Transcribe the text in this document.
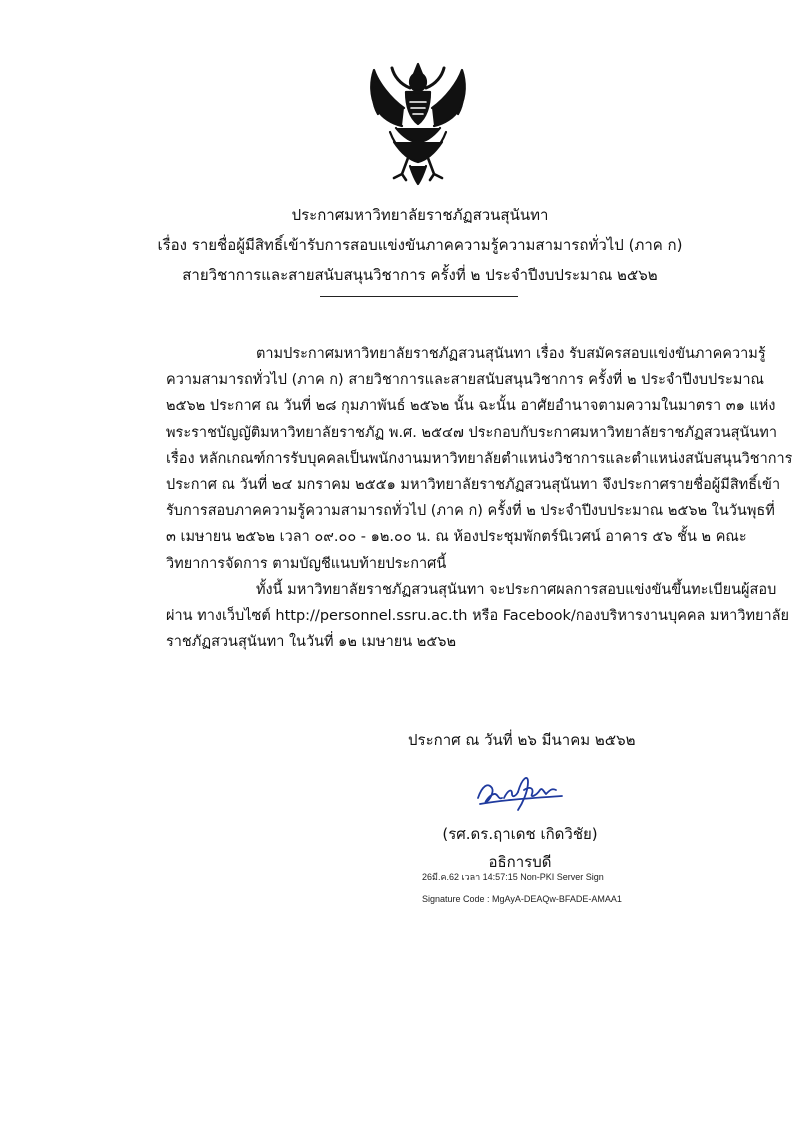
ประกาศมหาวิทยาลัยราชภัฏสวนสุนันทา
เรื่อง รายชื่อผู้มีสิทธิ์เข้ารับการสอบแข่งขันภาคความรู้ความสามารถทั่วไป (ภาค ก)
สายวิชาการและสายสนับสนุนวิชาการ ครั้งที่ ๒ ประจำปีงบประมาณ ๒๕๖๒
ตามประกาศมหาวิทยาลัยราชภัฏสวนสุนันทา เรื่อง รับสมัครสอบแข่งขันภาคความรู้
ความสามารถทั่วไป (ภาค ก) สายวิชาการและสายสนับสนุนวิชาการ ครั้งที่ ๒ ประจำปีงบประมาณ
๒๕๖๒ ประกาศ ณ วันที่ ๒๘ กุมภาพันธ์ ๒๕๖๒ นั้น ฉะนั้น อาศัยอำนาจตามความในมาตรา ๓๑ แห่ง
พระราชบัญญัติมหาวิทยาลัยราชภัฏ พ.ศ. ๒๕๔๗ ประกอบกับระกาศมหาวิทยาลัยราชภัฏสวนสุนันทา
เรื่อง หลักเกณฑ์การรับบุคคลเป็นพนักงานมหาวิทยาลัยตำแหน่งวิชาการและตำแหน่งสนับสนุนวิชาการ
ประกาศ ณ วันที่ ๒๔ มกราคม ๒๕๕๑ มหาวิทยาลัยราชภัฏสวนสุนันทา จึงประกาศรายชื่อผู้มีสิทธิ์เข้า
รับการสอบภาคความรู้ความสามารถทั่วไป (ภาค ก) ครั้งที่ ๒ ประจำปีงบประมาณ ๒๕๖๒ ในวันพุธที่
๓ เมษายน ๒๕๖๒ เวลา ๐๙.๐๐ - ๑๒.๐๐ น. ณ ห้องประชุมพักตร์นิเวศน์ อาคาร ๕๖ ชั้น ๒ คณะ
วิทยาการจัดการ ตามบัญชีแนบท้ายประกาศนี้
ทั้งนี้ มหาวิทยาลัยราชภัฏสวนสุนันทา จะประกาศผลการสอบแข่งขันขึ้นทะเบียนผู้สอบ
ผ่าน ทางเว็บไซต์ http://personnel.ssru.ac.th หรือ Facebook/กองบริหารงานบุคคล มหาวิทยาลัย
ราชภัฏสวนสุนันทา ในวันที่ ๑๒ เมษายน ๒๕๖๒
ประกาศ ณ วันที่ ๒๖ มีนาคม ๒๕๖๒
(รศ.ดร.ฤาเดช เกิดวิชัย)
อธิการบดี
26มี.ค.62 เวลา 14:57:15 Non-PKI Server Sign
Signature Code : MgAyA-DEAQw-BFADE-AMAA1
